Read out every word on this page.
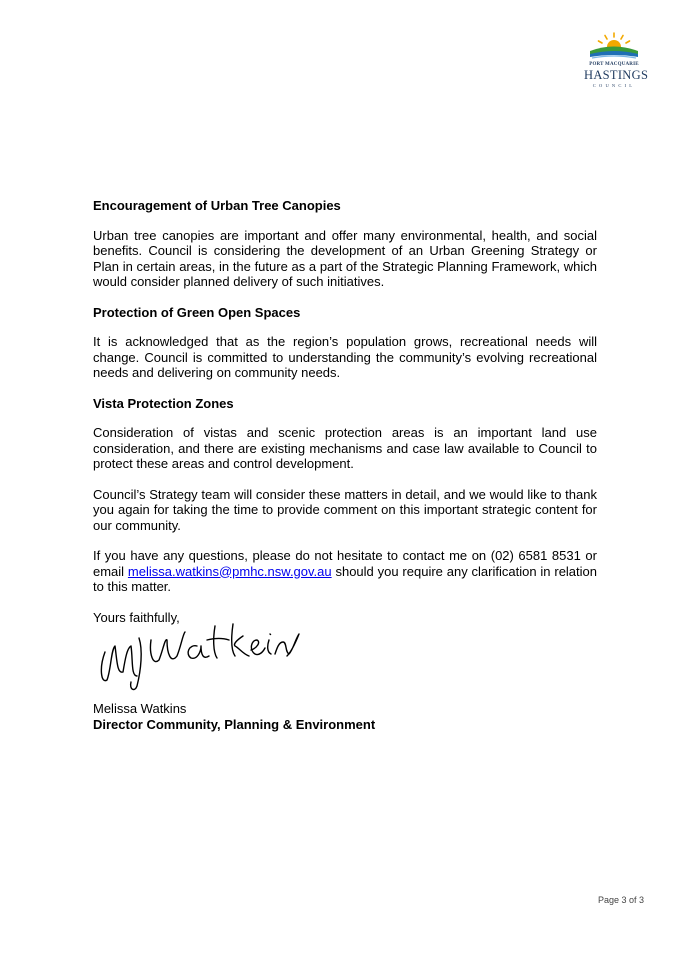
PORT MACQUARIE
HASTINGS
COUNCIL
Encouragement of Urban Tree Canopies

Urban tree canopies are important and offer many environmental, health, and social benefits. Council is considering the development of an Urban Greening Strategy or Plan in certain areas, in the future as a part of the Strategic Planning Framework, which would consider planned delivery of such initiatives.

Protection of Green Open Spaces

It is acknowledged that as the region’s population grows, recreational needs will change. Council is committed to understanding the community’s evolving recreational needs and delivering on community needs.

Vista Protection Zones

Consideration of vistas and scenic protection areas is an important land use consideration, and there are existing mechanisms and case law available to Council to protect these areas and control development.

Council’s Strategy team will consider these matters in detail, and we would like to thank you again for taking the time to provide comment on this important strategic content for our community.

If you have any questions, please do not hesitate to contact me on (02) 6581 8531 or email melissa.watkins@pmhc.nsw.gov.au should you require any clarification in relation to this matter.

Yours faithfully,

Melissa Watkins
Director Community, Planning & Environment
Page 3 of 3
